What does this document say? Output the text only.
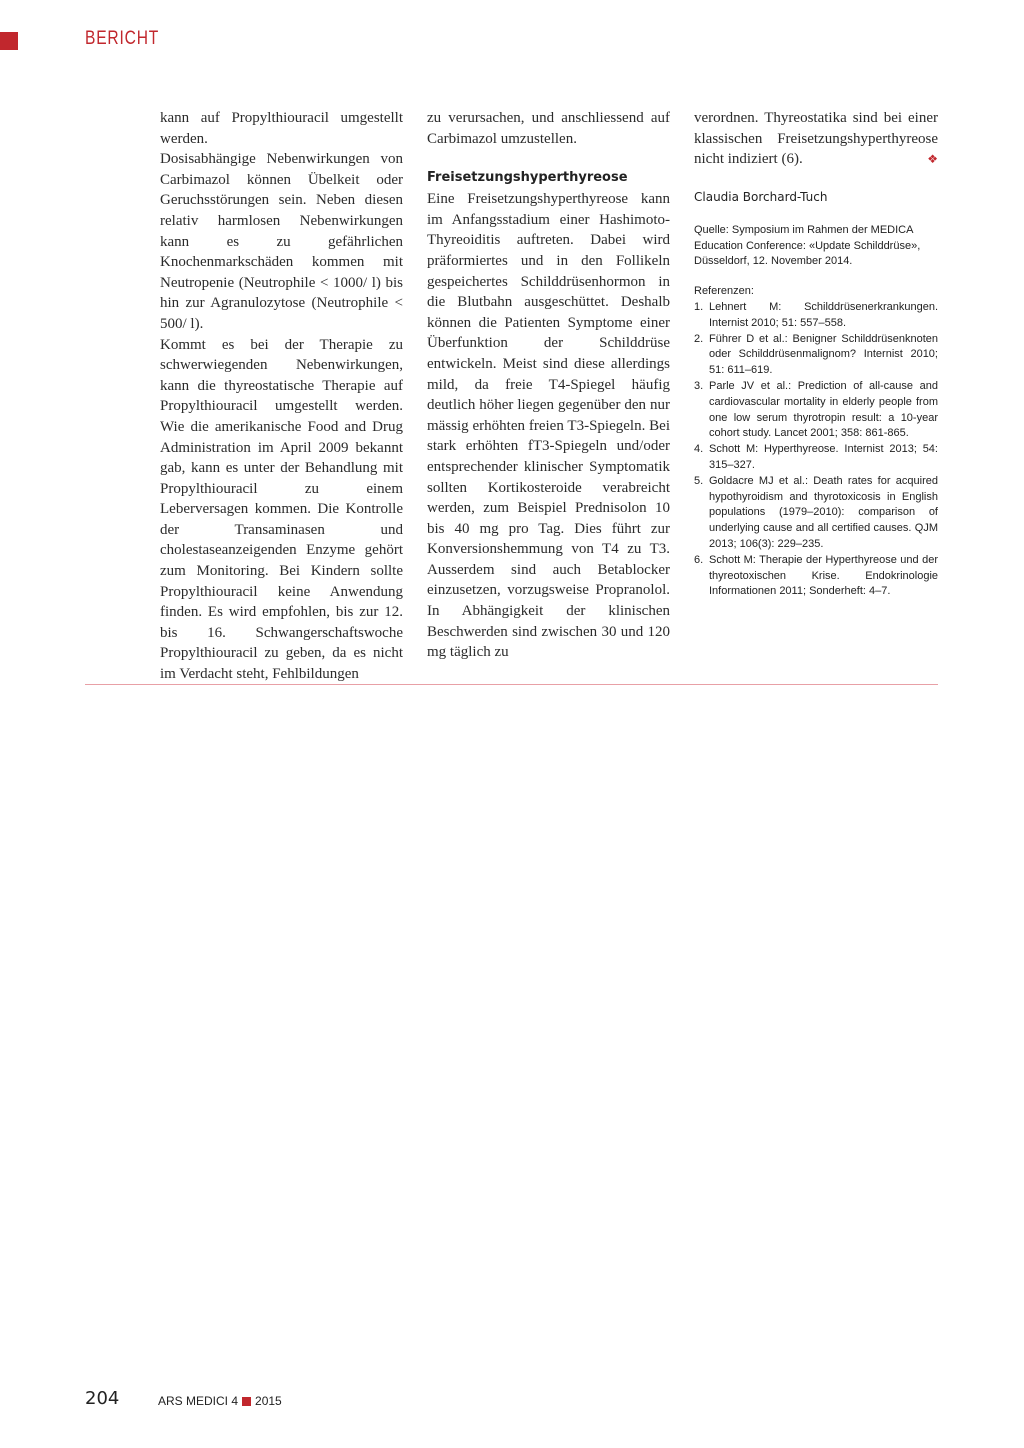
BERICHT

kann auf Propylthiouracil umgestellt werden.

Dosisabhängige Nebenwirkungen von Carbimazol können Übelkeit oder Geruchsstörungen sein. Neben diesen relativ harmlosen Nebenwirkungen kann es zu gefährlichen Knochenmarkschäden kommen mit Neutropenie (Neutrophile < 1000/ l) bis hin zur Agranulozytose (Neutrophile < 500/ l).

Kommt es bei der Therapie zu schwerwiegenden Nebenwirkungen, kann die thyreostatische Therapie auf Propylthiouracil umgestellt werden. Wie die amerikanische Food and Drug Administration im April 2009 bekannt gab, kann es unter der Behandlung mit Propylthiouracil zu einem Leberversagen kommen. Die Kontrolle der Transaminasen und cholestaseanzeigenden Enzyme gehört zum Monitoring. Bei Kindern sollte Propylthiouracil keine Anwendung finden. Es wird empfohlen, bis zur 12. bis 16. Schwangerschaftswoche Propylthiouracil zu geben, da es nicht im Verdacht steht, Fehlbildungen

zu verursachen, und anschliessend auf Carbimazol umzustellen.

Freisetzungshyperthyreose

Eine Freisetzungshyperthyreose kann im Anfangsstadium einer Hashimoto-Thyreoiditis auftreten. Dabei wird präformiertes und in den Follikeln gespeichertes Schilddrüsenhormon in die Blutbahn ausgeschüttet. Deshalb können die Patienten Symptome einer Überfunktion der Schilddrüse entwickeln. Meist sind diese allerdings mild, da freie T4-Spiegel häufig deutlich höher liegen gegenüber den nur mässig erhöhten freien T3-Spiegeln. Bei stark erhöhten fT3-Spiegeln und/oder entsprechender klinischer Symptomatik sollten Kortikosteroide verabreicht werden, zum Beispiel Prednisolon 10 bis 40 mg pro Tag. Dies führt zur Konversionshemmung von T4 zu T3. Ausserdem sind auch Betablocker einzusetzen, vorzugsweise Propranolol. In Abhängigkeit der klinischen Beschwerden sind zwischen 30 und 120 mg täglich zu

verordnen. Thyreostatika sind bei einer klassischen Freisetzungshyperthyreose nicht indiziert (6).	❖

Claudia Borchard-Tuch
Quelle: Symposium im Rahmen der MEDICA Education Conference: «Update Schilddrüse», Düsseldorf, 12. November 2014.
Referenzen:
1. Lehnert M: Schilddrüsenerkrankungen. Internist 2010; 51: 557–558.
2. Führer D et al.: Benigner Schilddrüsenknoten oder Schilddrüsenmalignom? Internist 2010; 51: 611–619.
3. Parle JV et al.: Prediction of all-cause and cardiovascular mortality in elderly people from one low serum thyrotropin result: a 10-year cohort study. Lancet 2001; 358: 861-865.
4. Schott M: Hyperthyreose. Internist 2013; 54: 315–327.
5. Goldacre MJ et al.: Death rates for acquired hypothyroidism and thyrotoxicosis in English populations (1979–2010): comparison of underlying cause and all certified causes. QJM 2013; 106(3): 229–235.
6. Schott M: Therapie der Hyperthyreose und der thyreotoxischen Krise. Endokrinologie Informationen 2011; Sonderheft: 4–7.
204	ARS MEDICI 4 2015
